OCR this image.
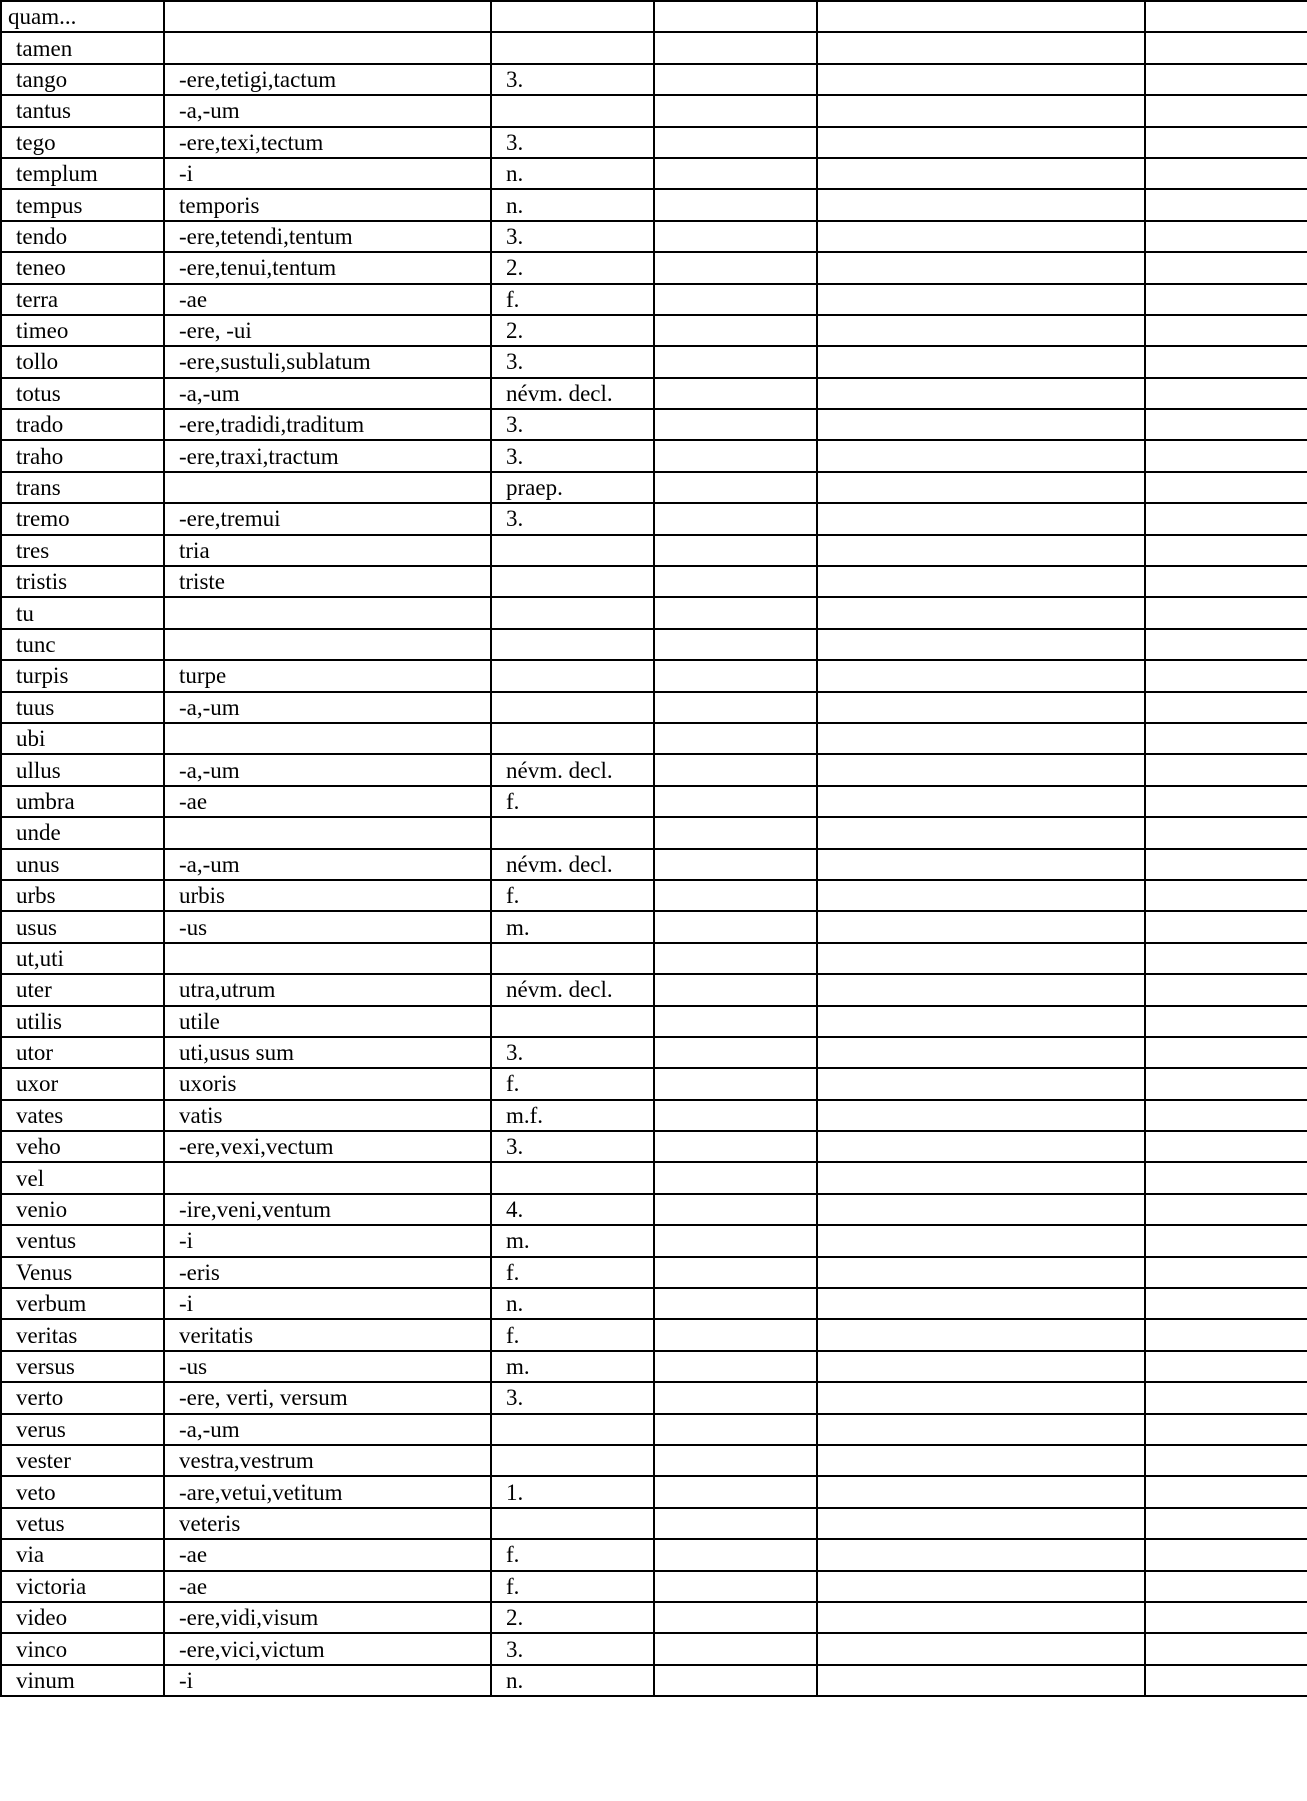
quam...					
tamen					
tango	-ere,tetigi,tactum	3.			
tantus	-a,-um				
tego	-ere,texi,tectum	3.			
templum	-i	n.			
tempus	temporis	n.			
tendo	-ere,tetendi,tentum	3.			
teneo	-ere,tenui,tentum	2.			
terra	-ae	f.			
timeo	-ere, -ui	2.			
tollo	-ere,sustuli,sublatum	3.			
totus	-a,-um	névm. decl.			
trado	-ere,tradidi,traditum	3.			
traho	-ere,traxi,tractum	3.			
trans		praep.			
tremo	-ere,tremui	3.			
tres	tria				
tristis	triste				
tu					
tunc					
turpis	turpe				
tuus	-a,-um				
ubi					
ullus	-a,-um	névm. decl.			
umbra	-ae	f.			
unde					
unus	-a,-um	névm. decl.			
urbs	urbis	f.			
usus	-us	m.			
ut,uti					
uter	utra,utrum	névm. decl.			
utilis	utile				
utor	uti,usus sum	3.			
uxor	uxoris	f.			
vates	vatis	m.f.			
veho	-ere,vexi,vectum	3.			
vel					
venio	-ire,veni,ventum	4.			
ventus	-i	m.			
Venus	-eris	f.			
verbum	-i	n.			
veritas	veritatis	f.			
versus	-us	m.			
verto	-ere, verti, versum	3.			
verus	-a,-um				
vester	vestra,vestrum				
veto	-are,vetui,vetitum	1.			
vetus	veteris				
via	-ae	f.			
victoria	-ae	f.			
video	-ere,vidi,visum	2.			
vinco	-ere,vici,victum	3.			
vinum	-i	n.			
